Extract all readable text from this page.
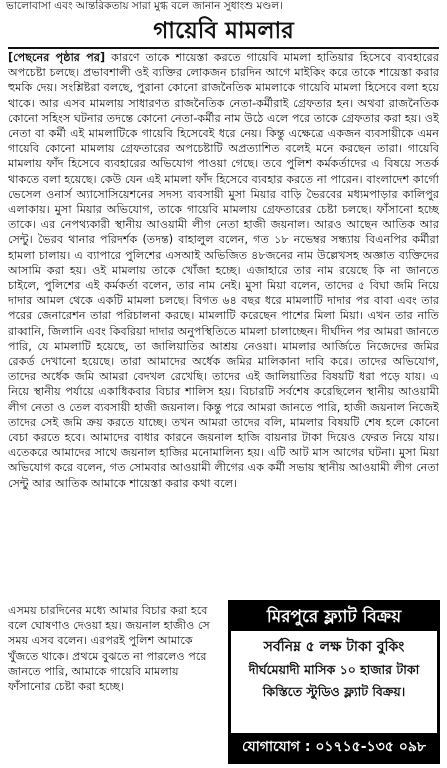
ভালোবাসা এবং আন্তরিকতায় সারা মুগ্ধ বলে জানান সুধাংশু মণ্ডল।
গায়েবি মামলার
[পেছনের পৃষ্ঠার পর] কারণে তাকে শায়েস্তা করতে গায়েবি মামলা হাতিয়ার হিসেবে ব্যবহারের অপচেষ্টা চলছে। প্রভাবশালী ওই ব্যক্তির লোকজন চারদিন আগে মাইকিং করে তাকে শায়েস্তা করার হুমকি দেয়। সংশ্লিষ্টরা বলছে, পুরানা কোনো রাজনৈতিক মামলাকে গায়েবি মামলা হিসেবে বলা হয়ে থাকে। আর এসব মামলায় সাধারণত রাজনৈতিক নেতা-কর্মীরাই গ্রেফতার হন। অথবা রাজনৈতিক কোনো সহিংস ঘটনার তদন্তে কোনো নেতা-কর্মীর নাম উঠে এলে পরে তাকে গ্রেফতার করা হয়। ওই নেতা বা কর্মী এই মামলাটিকে গায়েবি হিসেবেই ধরে নেয়। কিন্তু এক্ষেত্রে একজন ব্যবসায়ীকে এমন গায়েবি কোনো মামলায় গ্রেফতারের অপচেষ্টাটি অপ্রত্যাশিত বলেই মনে করছেন তারা। গায়েবি মামলায় ফাঁদ হিসেবে ব্যবহারের অভিযোগ পাওয়া গেছে। তবে পুলিশ কর্মকর্তাদের এ বিষয়ে সতর্ক থাকতে বলা হয়েছে। কেউ যেন এই মামলা ফাঁদ হিসেবে ব্যবহার করতে না পারেন। বাংলাদেশ কার্গো ভেসেল ওনার্স অ্যাসোসিয়েশনের সদস্য ব্যবসায়ী মুসা মিয়ার বাড়ি ভৈরবের মধ্যমপাড়ার কালিপুর এলাকায়। মুসা মিয়ার অভিযোগ, তাকে গায়েবি মামলায় গ্রেফতারের চেষ্টা চলছে। ফাঁসানো হচ্ছে তাকে। এর নেপথ্যকারী স্থানীয় আওয়ামী লীগ নেতা হাজী জয়নাল। আরও আছেন আতিক আর সেন্টু। ভৈরব থানার পরিদর্শক (তদন্ত) বাহালুল বলেন, গত ১৮ নভেম্বর সন্ধ্যায় বিএনপির কর্মীরা হামলা চালায়। এ ব্যাপারে পুলিশের এসআই অভিজিত ৪৮জনের নাম উল্লেখসহ অজ্ঞাত ব্যক্তিদের আসামি করা হয়। ওই মামলায় তাকে খোঁজা হচ্ছে। এজাহারে তার নাম রয়েছে কি না জানতে চাইলে, পুলিশের এই কর্মকর্তা বলেন, তার নাম নেই। মুসা মিয়া বলেন, তাদের ৫ বিঘা জমি নিয়ে দাদার আমল থেকে একটি মামলা চলছে। বিগত ৬৪ বছর ধরে মামলাটি দাদার পর বাবা এবং তার পরের জেনারেশন তারা পরিচালনা করছে। মামলাটি করেছেন পাশের মিলা মিয়া। এখন তার নাতি রাব্বানি, জিলানি এবং কিবরিয়া দাদার অনুপস্থিতিতে মামলা চালাচ্ছেন। দীর্ঘদিন পর আমরা জানতে পারি, যে মামলাটি হয়েছে, তা জালিয়াতির আশ্রয় নেওয়া। মামলার আর্জিতে নিজেদের জমির রেকর্ড দেখানো হয়েছে। তারা আমাদের অর্ধেক জমির মালিকানা দাবি করে। তাদের অভিযোগ, তাদের অর্ধেক জমি আমরা বেদখল রেখেছি। তাদের এই জালিয়াতির বিষয়টি ধরা পড়ে যায়। এ নিয়ে স্থানীয় পর্যায়ে একাধিকবার বিচার শালিস হয়। বিচারটি সর্বশেষ করেছিলেন স্থানীয় আওয়ামী লীগ নেতা ও তেল ব্যবসায়ী হাজী জয়নাল। কিন্তু পরে আমরা জানতে পারি, হাজী জয়নাল নিজেই তাদের সেই জমি ক্রয় করতে যাচ্ছে। তখন আমরা তাদের বলি, মামলার বিষয়টি শেষ হলে কোনো বেচা করতে হবে। আমাদের বাধার কারনে জয়নাল হাজি বায়নার টাকা দিয়েও ফেরত নিয়ে যায়। এতেকরে আমাদের সাথে জয়নাল হাজির মনোমালিন্য হয়। এটি আট মাস আগের ঘটনা। মুসা মিয়া অভিযোগ করে বলেন, গত সোমবার আওয়ামী লীগের এক কর্মী সভায় স্থানীয় আওয়ামী লীগ নেতা সেন্টু আর আতিক আমাকে শায়েস্তা করার কথা বলে।
এসময় চারদিনের মধ্যে আমার বিচার করা হবে বলে ঘোষণাও দেওয়া হয়। জয়নাল হাজীও সে সময় এসব বলেন। এরপরই পুলিশ আমাকে খুঁজতে থাকে। প্রথমে বুঝতে না পারলেও পরে জানতে পারি, আমাকে গায়েবি মামলায় ফাঁসানোর চেষ্টা করা হচ্ছে।
মিরপুরে ফ্ল্যাট বিক্রয়
সর্বনিম্ন ৫ লক্ষ টাকা বুকিং
দীর্ঘমেয়াদী মাসিক ১০ হাজার টাকা
কিস্তিতে স্টুডিও ফ্ল্যাট বিক্রয়।
যোগাযোগ : ০১৭১৫-১৩৫ ০৯৮
